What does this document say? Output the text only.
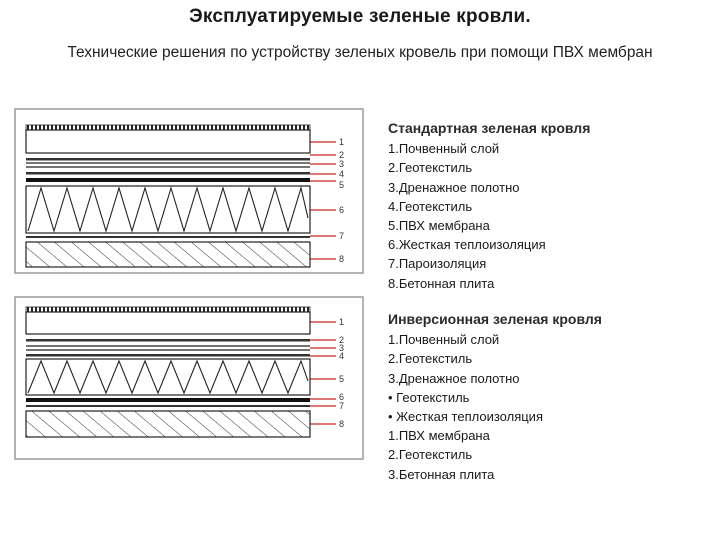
Эксплуатируемые зеленые кровли.
Технические решения по устройству зеленых кровель при помощи ПВХ мембран
1
2
3
4
5
6
7
8
1
2
3
4
5
6
7
8
Стандартная зеленая кровля
1.Почвенный слой
2.Геотекстиль
3.Дренажное полотно
4.Геотекстиль
5.ПВХ мембрана
6.Жесткая теплоизоляция
7.Пароизоляция
8.Бетонная плита
Инверсионная зеленая кровля
1.Почвенный слой
2.Геотекстиль
3.Дренажное полотно
• Геотекстиль
• Жесткая теплоизоляция
1.ПВХ мембрана
2.Геотекстиль
3.Бетонная плита
